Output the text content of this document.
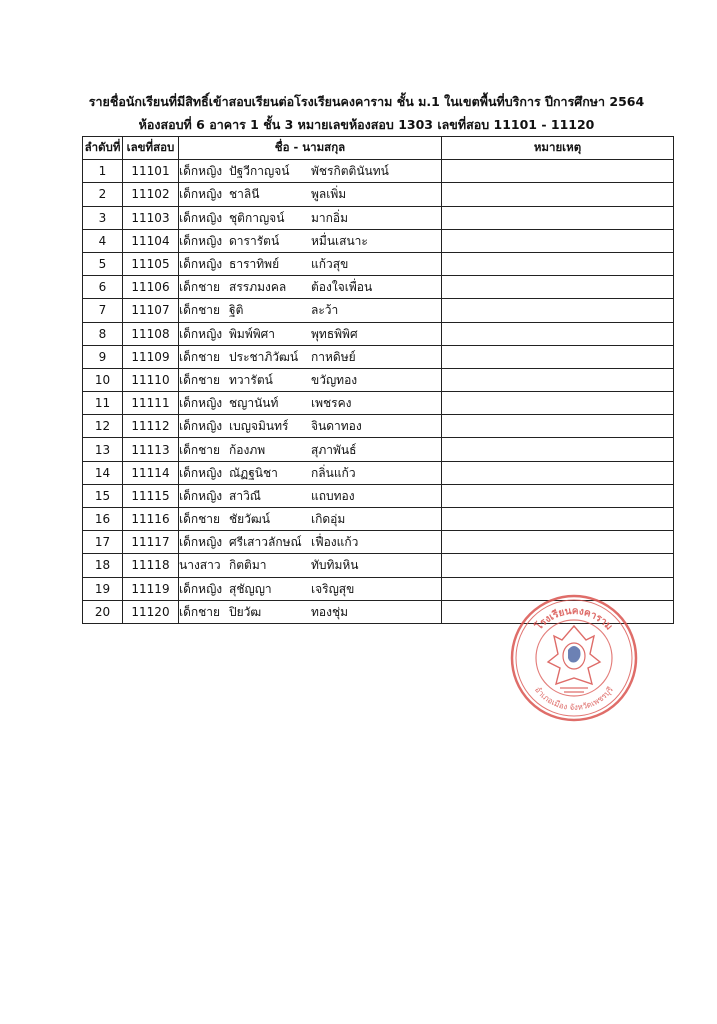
รายชื่อนักเรียนที่มีสิทธิ์เข้าสอบเรียนต่อโรงเรียนคงคาราม ชั้น ม.1 ในเขตพื้นที่บริการ ปีการศึกษา 2564
ห้องสอบที่ 6 อาคาร 1 ชั้น 3 หมายเลขห้องสอบ 1303 เลขที่สอบ 11101 - 11120
ลำดับที่	เลขที่สอบ	ชื่อ - นามสกุล	หมายเหตุ
1	11101	เด็กหญิง ปัฐวีกาญจน์ พัชรกิตตินันทน์	
2	11102	เด็กหญิง ชาลินี พูลเพิ่ม	
3	11103	เด็กหญิง ชุติกาญจน์ มากอิ่ม	
4	11104	เด็กหญิง ดารารัตน์ หมื่นเสนาะ	
5	11105	เด็กหญิง ธาราทิพย์ แก้วสุข	
6	11106	เด็กชาย สรรภมงคล ต้องใจเพื่อน	
7	11107	เด็กชาย ฐิติ ละว้า	
8	11108	เด็กหญิง พิมพ์พิศา พุทธพิพิศ	
9	11109	เด็กชาย ประชาภิวัฒน์ กาหดิษย์	
10	11110	เด็กชาย ทวารัตน์ ขวัญทอง	
11	11111	เด็กหญิง ชญานันท์ เพชรคง	
12	11112	เด็กหญิง เบญจมินทร์ จินดาทอง	
13	11113	เด็กชาย ก้องภพ สุภาพันธ์	
14	11114	เด็กหญิง ณัฏฐนิชา กลิ่นแก้ว	
15	11115	เด็กหญิง สาวิณี แถบทอง	
16	11116	เด็กชาย ชัยวัฒน์ เกิดอุ่ม	
17	11117	เด็กหญิง ศรีเสาวลักษณ์ เฟื่องแก้ว	
18	11118	นางสาว กิตติมา ทับทิมหิน	
19	11119	เด็กหญิง สุชัญญา เจริญสุข	
20	11120	เด็กชาย ปิยวัฒ ทองชุ่ม	
โรงเรียนคงคาราม
อำเภอเมือง จังหวัดเพชรบุรี
